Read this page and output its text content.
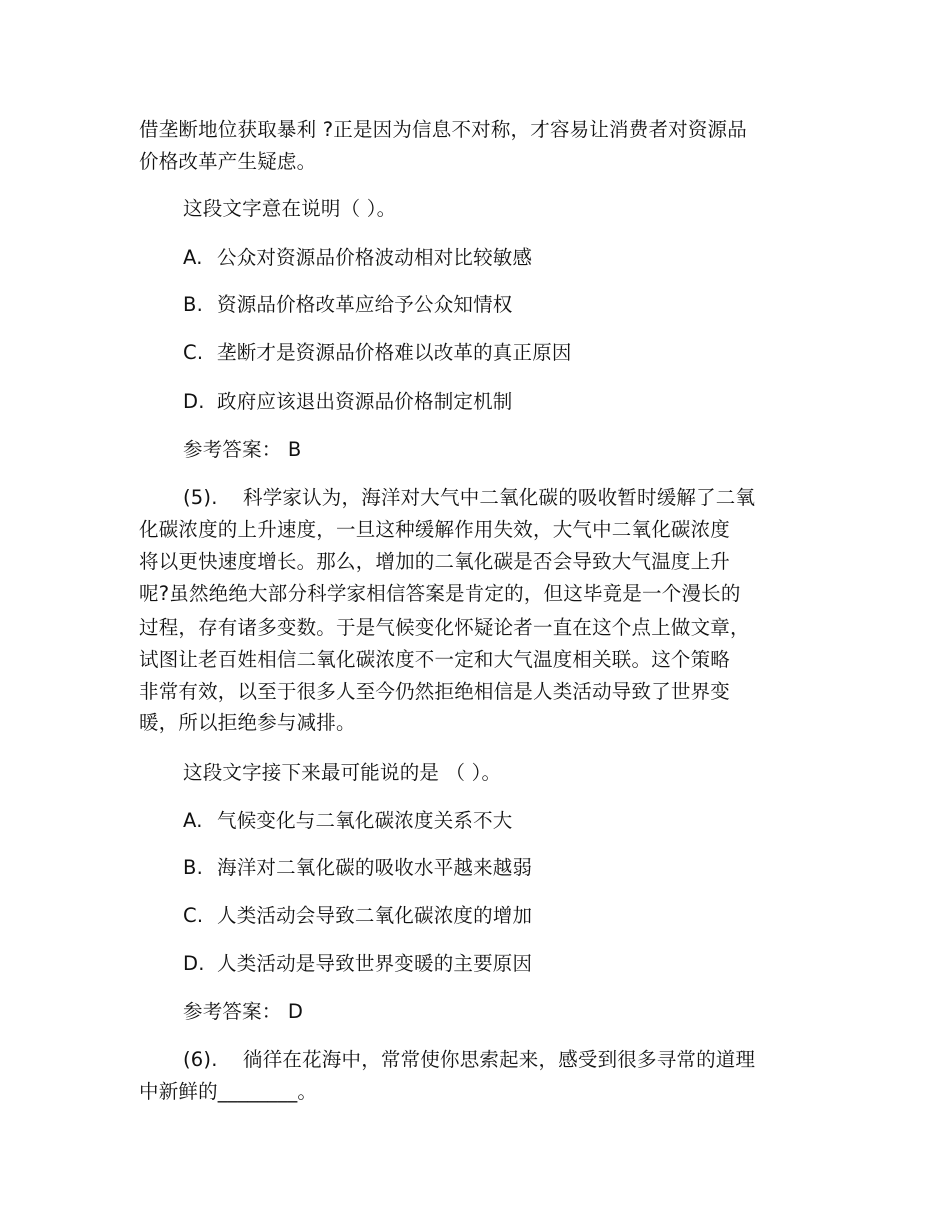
借垄断地位获取暴利 ?正是因为信息不对称，才容易让消费者对资源品
价格改革产生疑虑。
这段文字意在说明（ ）。
A. 公众对资源品价格波动相对比较敏感
B. 资源品价格改革应给予公众知情权
C. 垄断才是资源品价格难以改革的真正原因
D. 政府应该退出资源品价格制定机制
参考答案： B
(5). 科学家认为，海洋对大气中二氧化碳的吸收暂时缓解了二氧
化碳浓度的上升速度，一旦这种缓解作用失效，大气中二氧化碳浓度
将以更快速度增长。那么，增加的二氧化碳是否会导致大气温度上升
呢?虽然绝绝大部分科学家相信答案是肯定的，但这毕竟是一个漫长的
过程，存有诸多变数。于是气候变化怀疑论者一直在这个点上做文章，
试图让老百姓相信二氧化碳浓度不一定和大气温度相关联。这个策略
非常有效，以至于很多人至今仍然拒绝相信是人类活动导致了世界变
暖，所以拒绝参与减排。
这段文字接下来最可能说的是 （ ）。
A. 气候变化与二氧化碳浓度关系不大
B. 海洋对二氧化碳的吸收水平越来越弱
C. 人类活动会导致二氧化碳浓度的增加
D. 人类活动是导致世界变暖的主要原因
参考答案： D
(6). 徜徉在花海中，常常使你思索起来，感受到很多寻常的道理
中新鲜的________。
